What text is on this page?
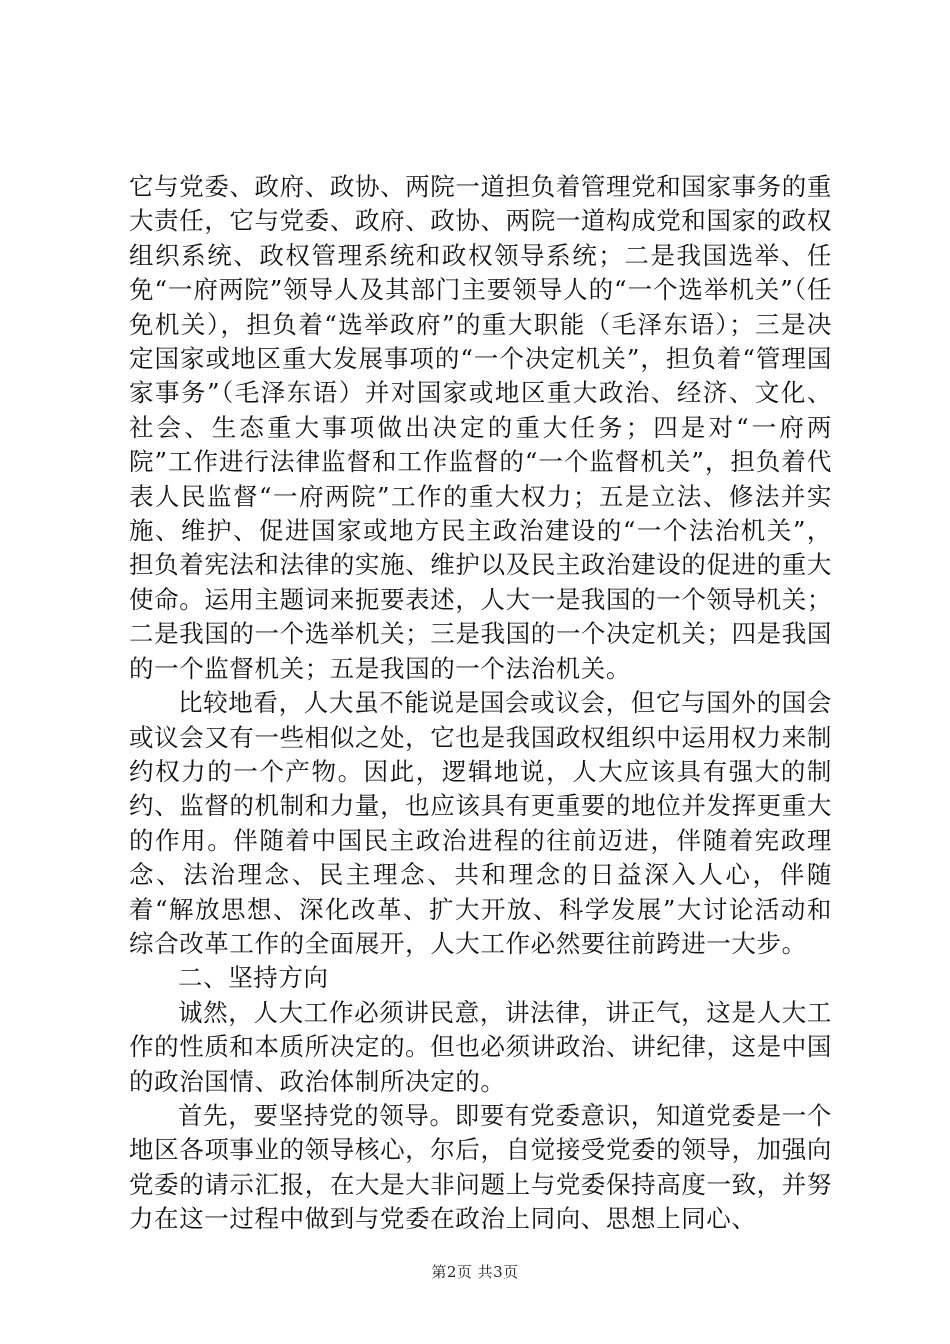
它与党委、政府、政协、两院一道担负着管理党和国家事务的重大责任，它与党委、政府、政协、两院一道构成党和国家的政权组织系统、政权管理系统和政权领导系统；二是我国选举、任免“一府两院”领导人及其部门主要领导人的“一个选举机关”（任免机关），担负着“选举政府”的重大职能（毛泽东语）；三是决定国家或地区重大发展事项的“一个决定机关”，担负着“管理国家事务”（毛泽东语）并对国家或地区重大政治、经济、文化、社会、生态重大事项做出决定的重大任务；四是对“一府两院”工作进行法律监督和工作监督的“一个监督机关”，担负着代表人民监督“一府两院”工作的重大权力；五是立法、修法并实施、维护、促进国家或地方民主政治建设的“一个法治机关”，担负着宪法和法律的实施、维护以及民主政治建设的促进的重大使命。运用主题词来扼要表述，人大一是我国的一个领导机关；二是我国的一个选举机关；三是我国的一个决定机关；四是我国的一个监督机关；五是我国的一个法治机关。

比较地看，人大虽不能说是国会或议会，但它与国外的国会或议会又有一些相似之处，它也是我国政权组织中运用权力来制约权力的一个产物。因此，逻辑地说，人大应该具有强大的制约、监督的机制和力量，也应该具有更重要的地位并发挥更重大的作用。伴随着中国民主政治进程的往前迈进，伴随着宪政理念、法治理念、民主理念、共和理念的日益深入人心，伴随着“解放思想、深化改革、扩大开放、科学发展”大讨论活动和综合改革工作的全面展开，人大工作必然要往前跨进一大步。

二、坚持方向

诚然，人大工作必须讲民意，讲法律，讲正气，这是人大工作的性质和本质所决定的。但也必须讲政治、讲纪律，这是中国的政治国情、政治体制所决定的。

首先，要坚持党的领导。即要有党委意识，知道党委是一个地区各项事业的领导核心，尔后，自觉接受党委的领导，加强向党委的请示汇报，在大是大非问题上与党委保持高度一致，并努力在这一过程中做到与党委在政治上同向、思想上同心、

第2页 共3页
